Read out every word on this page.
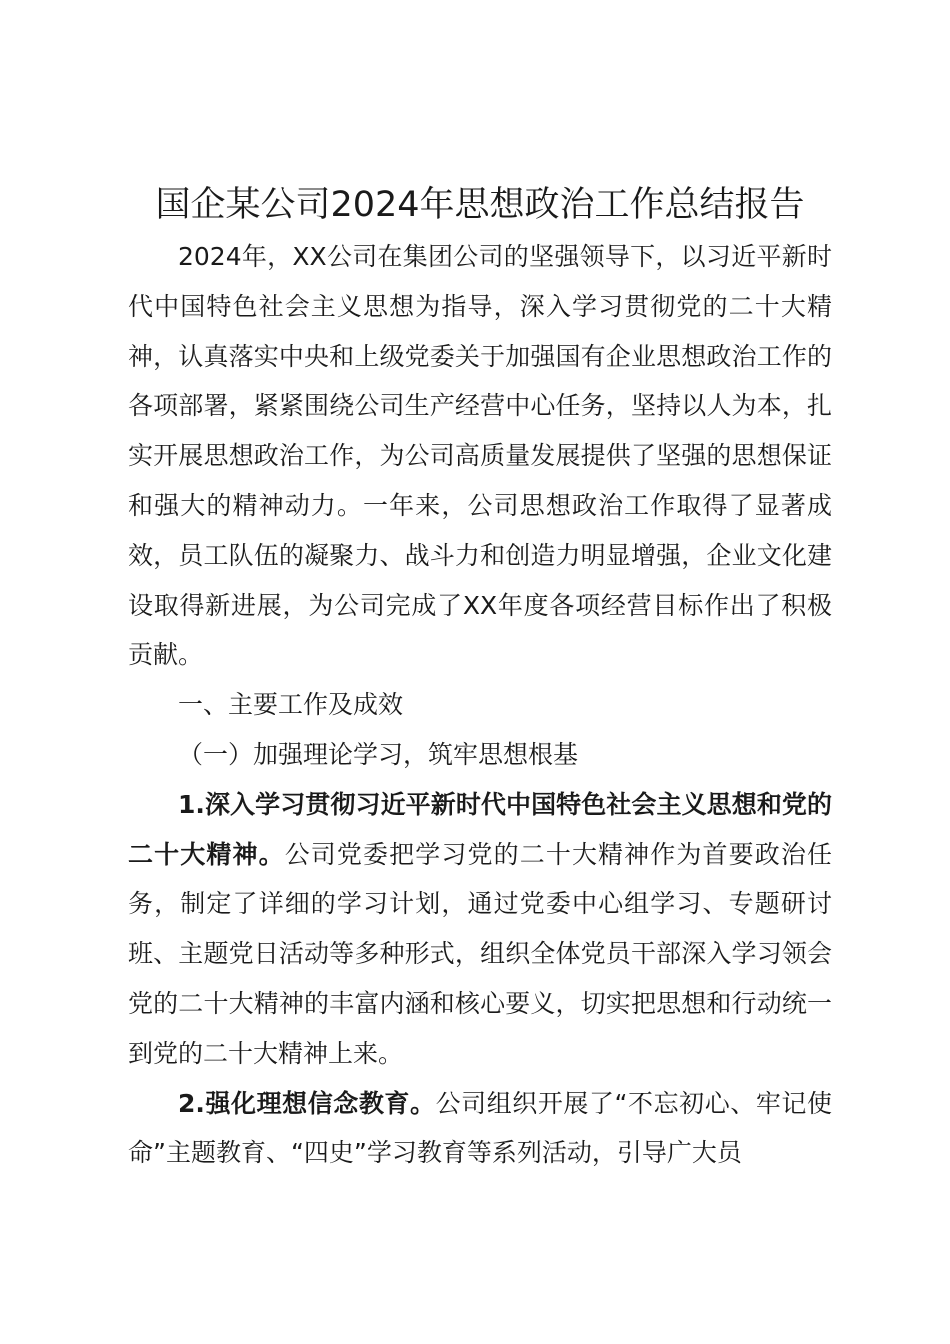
国企某公司2024年思想政治工作总结报告

2024年，XX公司在集团公司的坚强领导下，以习近平新时代中国特色社会主义思想为指导，深入学习贯彻党的二十大精神，认真落实中央和上级党委关于加强国有企业思想政治工作的各项部署，紧紧围绕公司生产经营中心任务，坚持以人为本，扎实开展思想政治工作，为公司高质量发展提供了坚强的思想保证和强大的精神动力。一年来，公司思想政治工作取得了显著成效，员工队伍的凝聚力、战斗力和创造力明显增强，企业文化建设取得新进展，为公司完成了XX年度各项经营目标作出了积极贡献。

一、主要工作及成效

（一）加强理论学习，筑牢思想根基

1.深入学习贯彻习近平新时代中国特色社会主义思想和党的二十大精神。公司党委把学习党的二十大精神作为首要政治任务，制定了详细的学习计划，通过党委中心组学习、专题研讨班、主题党日活动等多种形式，组织全体党员干部深入学习领会党的二十大精神的丰富内涵和核心要义，切实把思想和行动统一到党的二十大精神上来。

2.强化理想信念教育。公司组织开展了“不忘初心、牢记使命”主题教育、“四史”学习教育等系列活动，引导广大员
